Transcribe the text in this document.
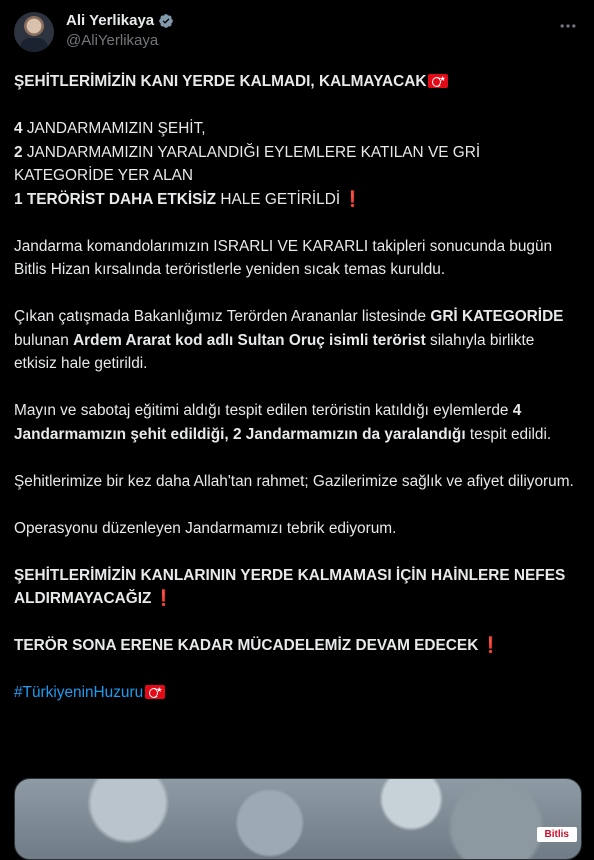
Ali Yerlikaya
@AliYerlikaya
ŞEHİTLERİMİZİN KANI YERDE KALMADI, KALMAYACAK★
4 JANDARMAMIZIN ŞEHİT,
2 JANDARMAMIZIN YARALANDIĞI EYLEMLERE KATILAN VE GRİ KATEGORİDE YER ALAN
1 TERÖRİST DAHA ETKİSİZ HALE GETİRİLDİ ❗
Jandarma komandolarımızın ISRARLI VE KARARLI takipleri sonucunda bugün Bitlis Hizan kırsalında teröristlerle yeniden sıcak temas kuruldu.
Çıkan çatışmada Bakanlığımız Terörden Arananlar listesinde GRİ KATEGORİDE bulunan Ardem Ararat kod adlı Sultan Oruç isimli terörist silahıyla birlikte etkisiz hale getirildi.
Mayın ve sabotaj eğitimi aldığı tespit edilen teröristin katıldığı eylemlerde 4 Jandarmamızın şehit edildiği, 2 Jandarmamızın da yaralandığı tespit edildi.
Şehitlerimize bir kez daha Allah'tan rahmet; Gazilerimize sağlık ve afiyet diliyorum.
Operasyonu düzenleyen Jandarmamızı tebrik ediyorum.
ŞEHİTLERİMİZİN KANLARININ YERDE KALMAMASI İÇİN HAİNLERE NEFES ALDIRMAYACAĞIZ ❗
TERÖR SONA ERENE KADAR MÜCADELEMİZ DEVAM EDECEK ❗
#TürkiyeninHuzuru★
Bitlis
